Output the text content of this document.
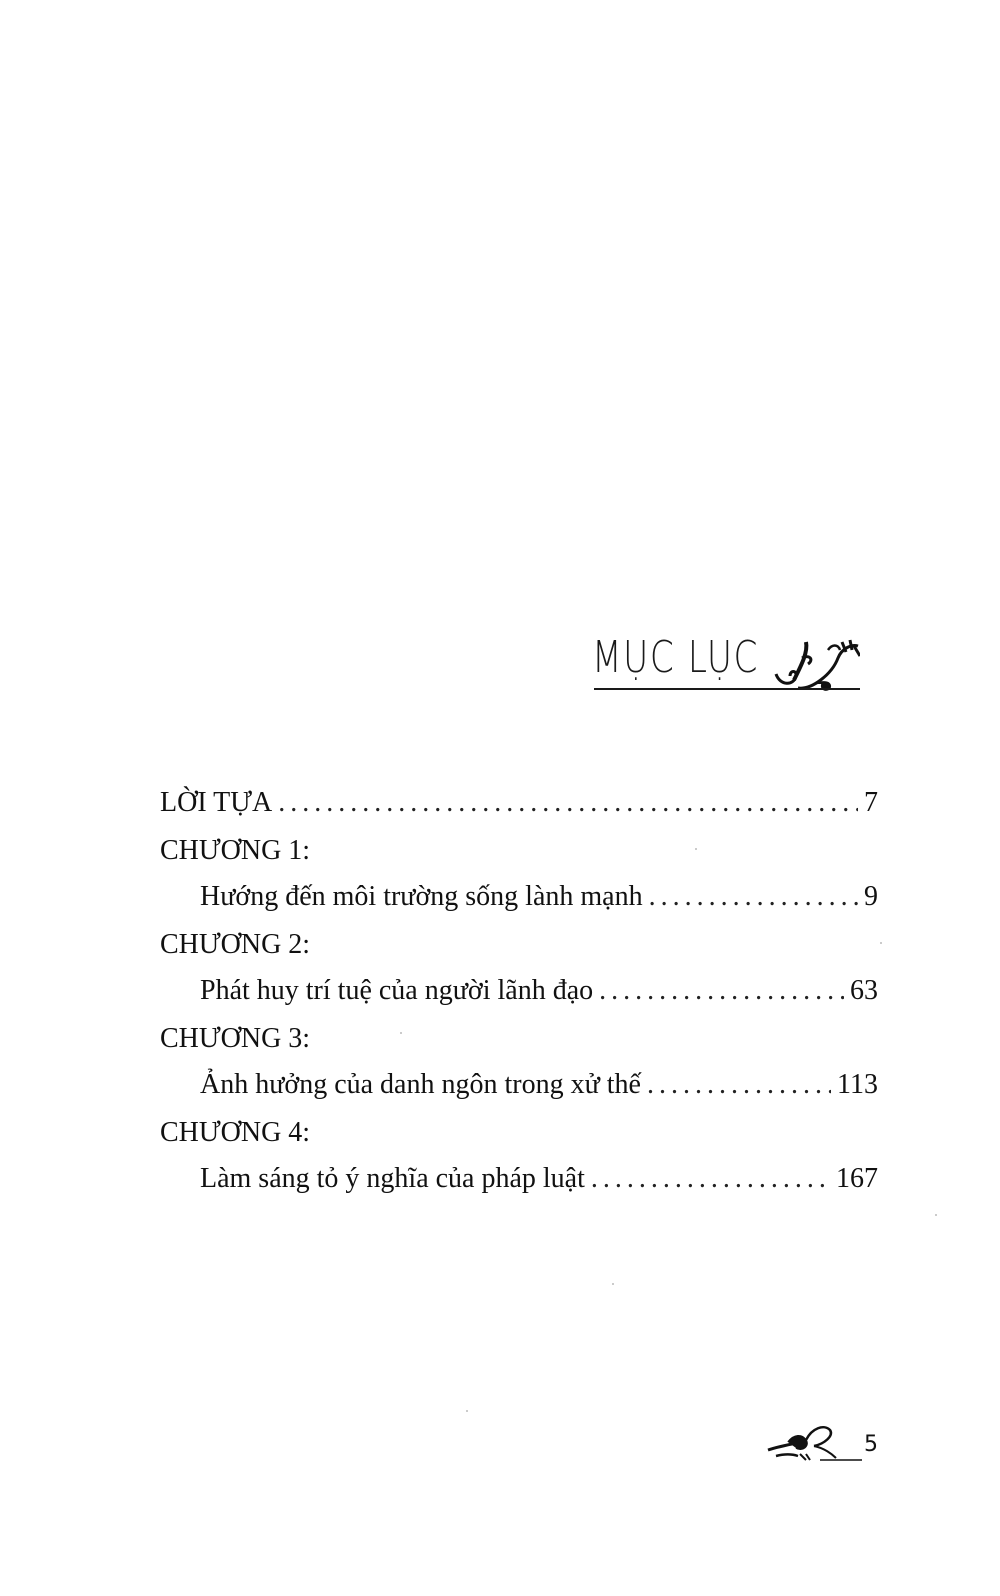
MỤC LỤC
LỜI TỰA . . .	7
CHƯƠNG 1:
Hướng đến môi trường sống lành mạnh . . .	9
CHƯƠNG 2:
Phát huy trí tuệ của người lãnh đạo . . .	63
CHƯƠNG 3:
Ảnh hưởng của danh ngôn trong xử thế . . .	113
CHƯƠNG 4:
Làm sáng tỏ ý nghĩa của pháp luật . . .	167
5
